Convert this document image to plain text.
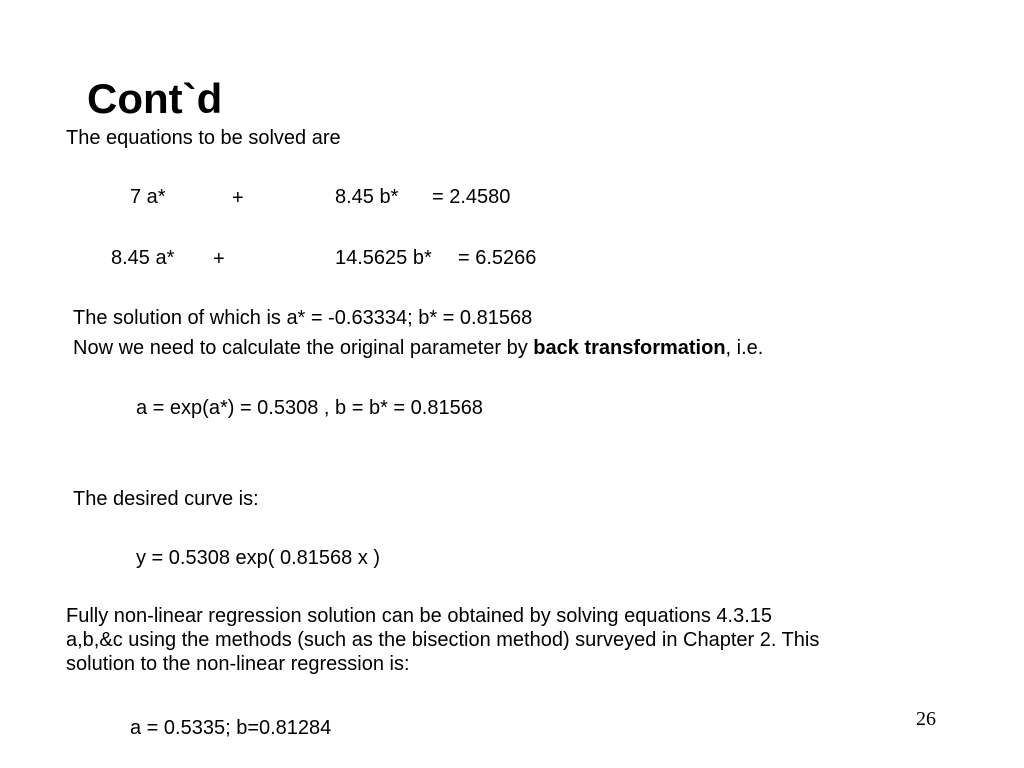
Cont`d
The equations to be solved are
7 a*	+	8.45 b* = 2.4580
8.45 a* +	14.5625 b* = 6.5266
The solution of which is a* = -0.63334; b* = 0.81568
Now we need to calculate the original parameter by back transformation, i.e.
a = exp(a*) = 0.5308 , b = b* = 0.81568
The desired curve is:
y = 0.5308 exp( 0.81568 x )
Fully non-linear regression solution can be obtained by solving equations 4.3.15
a,b,&c using the methods (such as the bisection method) surveyed in Chapter 2. This
solution to the non-linear regression is:
a = 0.5335; b=0.81284	26
